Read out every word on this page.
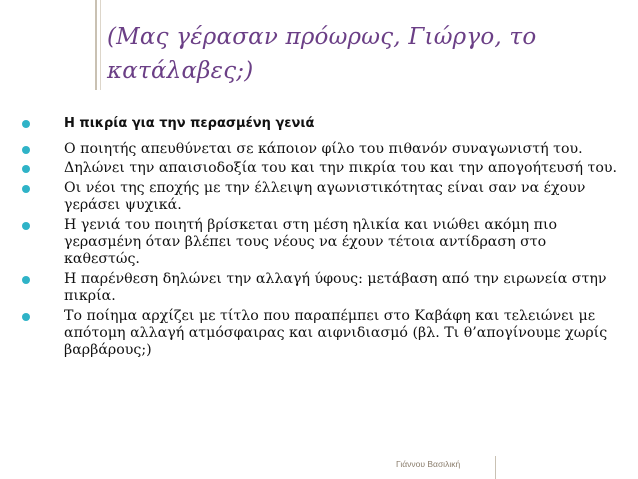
(Μας γέρασαν πρόωρως, Γιώργο, το κατάλαβες;)
Η πικρία για την περασμένη γενιά
Ο ποιητής απευθύνεται σε κάποιον φίλο του πιθανόν συναγωνιστή του.
Δηλώνει την απαισιοδοξία του και την πικρία του και την απογοήτευσή του.
Οι νέοι της εποχής με την έλλειψη αγωνιστικότητας είναι σαν να έχουν γεράσει ψυχικά.
Η γενιά του ποιητή βρίσκεται στη μέση ηλικία και νιώθει ακόμη πιο γερασμένη όταν βλέπει τους νέους να έχουν τέτοια αντίδραση στο καθεστώς.
Η παρένθεση δηλώνει την αλλαγή ύφους: μετάβαση από την ειρωνεία στην πικρία.
Το ποίημα αρχίζει με τίτλο που παραπέμπει στο Καβάφη και τελειώνει με απότομη αλλαγή ατμόσφαιρας και αιφνιδιασμό (βλ. Τι θ’απογίνουμε χωρίς βαρβάρους;)
Γιάννου Βασιλική
